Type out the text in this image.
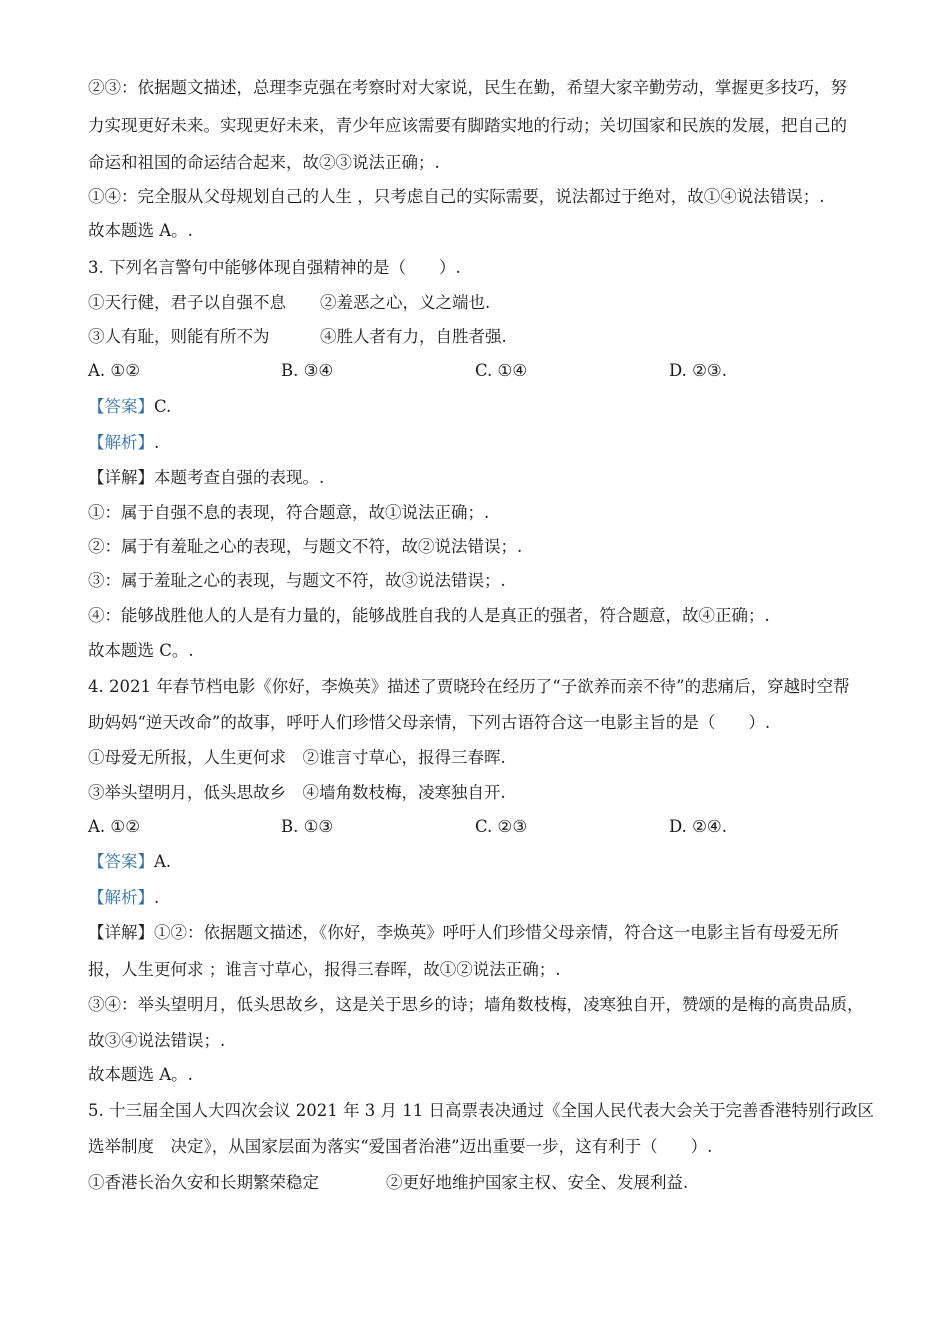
②③：依据题文描述，总理李克强在考察时对大家说，民生在勤，希望大家辛勤劳动，掌握更多技巧，努
力实现更好未来。实现更好未来，青少年应该需要有脚踏实地的行动；关切国家和民族的发展，把自己的
命运和祖国的命运结合起来，故②③说法正确；.
①④：完全服从父母规划自己的人生 ，只考虑自己的实际需要，说法都过于绝对，故①④说法错误；.
故本题选 A。.
3. 下列名言警句中能够体现自强精神的是（　　）.
①天行健，君子以自强不息 ②羞恶之心，义之端也.
③人有耻，则能有所不为	④胜人者有力，自胜者强.
A. ①②	B. ③④	C. ①④	D. ②③.
【答案】C.
【解析】.
【详解】本题考查自强的表现。.
①：属于自强不息的表现，符合题意，故①说法正确；.
②：属于有羞耻之心的表现，与题文不符，故②说法错误；.
③：属于羞耻之心的表现，与题文不符，故③说法错误；.
④：能够战胜他人的人是有力量的，能够战胜自我的人是真正的强者，符合题意，故④正确；.
故本题选 C。.
4. 2021 年春节档电影《你好，李焕英》描述了贾晓玲在经历了“子欲养而亲不待”的悲痛后，穿越时空帮
助妈妈“逆天改命”的故事，呼吁人们珍惜父母亲情，下列古语符合这一电影主旨的是（　　）.
①母爱无所报，人生更何求　②谁言寸草心，报得三春晖.
③举头望明月，低头思故乡　④墙角数枝梅，凌寒独自开.
A. ①②	B. ①③	C. ②③	D. ②④.
【答案】A.
【解析】.
【详解】①②：依据题文描述，《你好，李焕英》呼吁人们珍惜父母亲情，符合这一电影主旨有母爱无所
报，人生更何求 ；谁言寸草心，报得三春晖，故①②说法正确；.
③④：举头望明月，低头思故乡，这是关于思乡的诗；墙角数枝梅，凌寒独自开，赞颂的是梅的高贵品质，
故③④说法错误；.
故本题选 A。.
5. 十三届全国人大四次会议 2021 年 3 月 11 日高票表决通过《全国人民代表大会关于完善香港特别行政区
选举制度　决定》，从国家层面为落实“爱国者治港”迈出重要一步，这有利于（　　）.
①香港长治久安和长期繁荣稳定	②更好地维护国家主权、安全、发展利益.
